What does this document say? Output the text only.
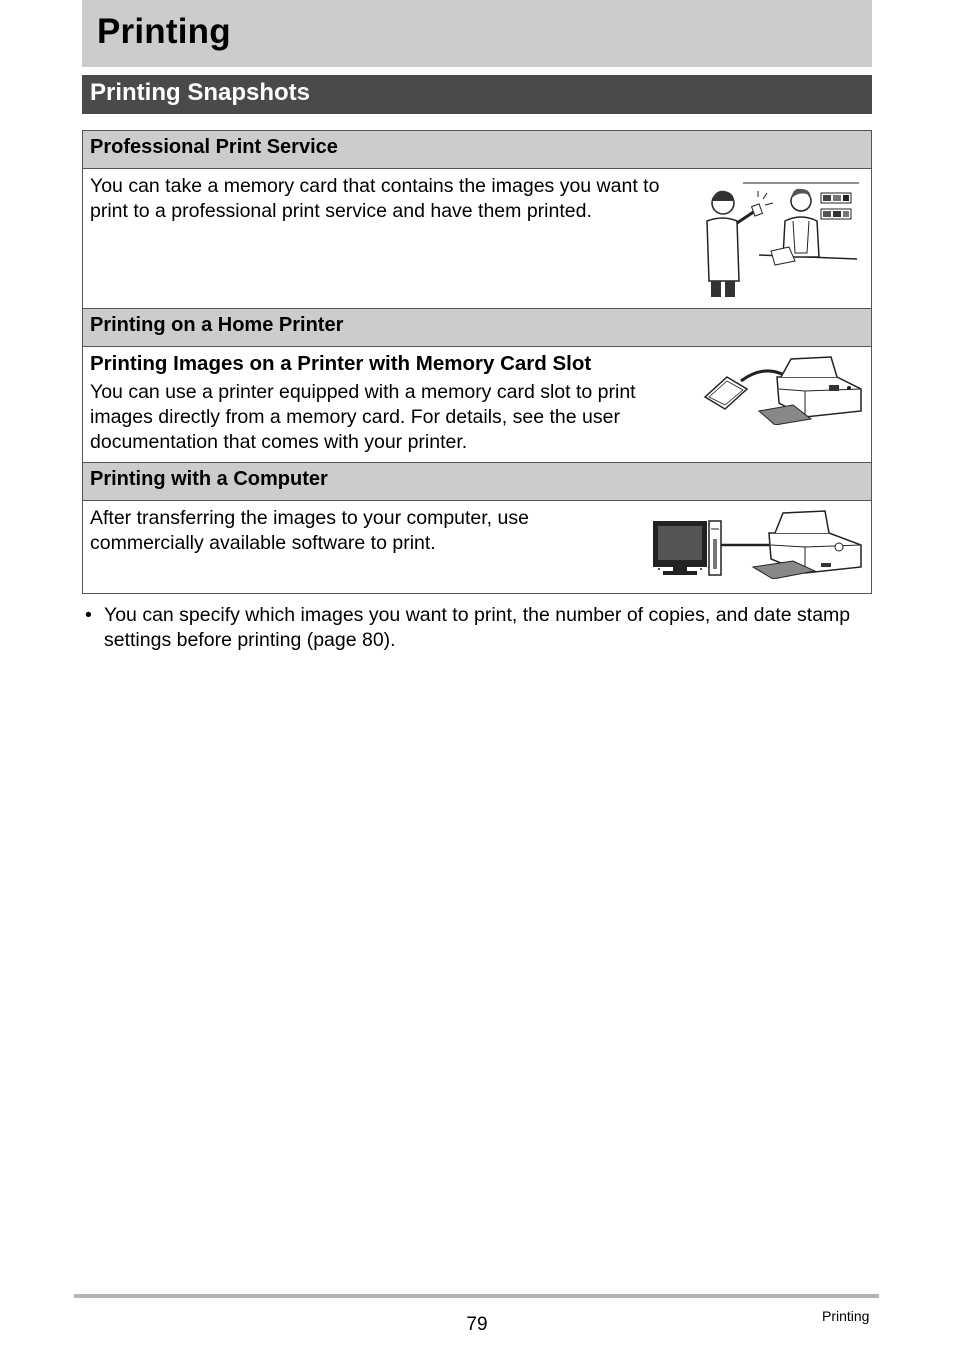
Printing
Printing Snapshots
Professional Print Service
You can take a memory card that contains the images you want to print to a professional print service and have them printed.
Printing on a Home Printer
Printing Images on a Printer with Memory Card Slot
You can use a printer equipped with a memory card slot to print images directly from a memory card. For details, see the user documentation that comes with your printer.
Printing with a Computer
After transferring the images to your computer, use commercially available software to print.
• You can specify which images you want to print, the number of copies, and date stamp settings before printing (page 80).
79	Printing
